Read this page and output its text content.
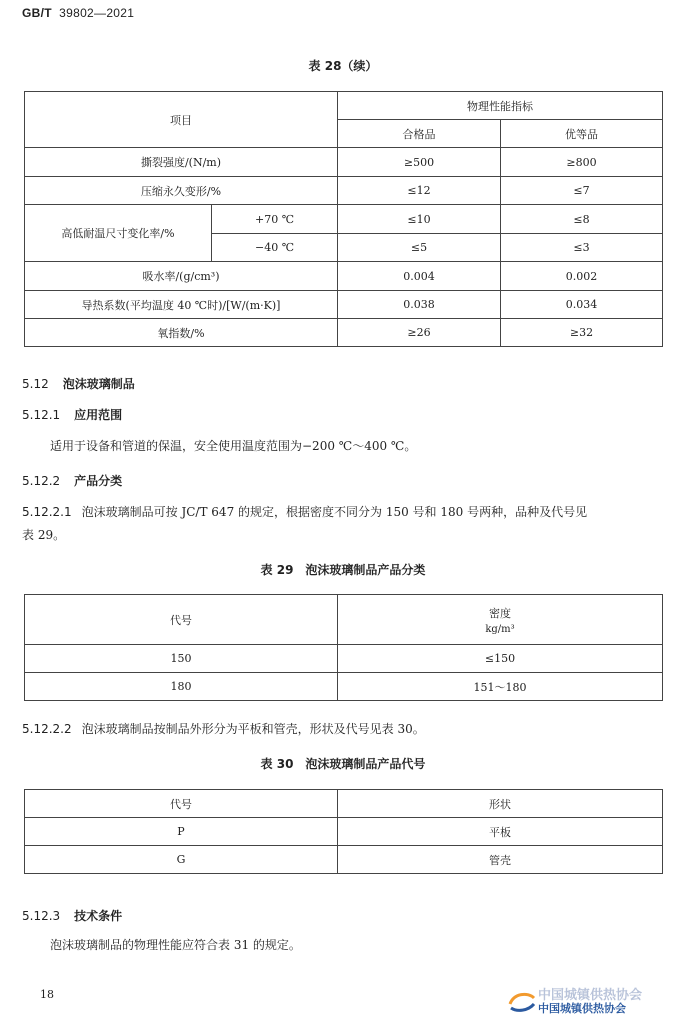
GB/T 39802—2021
表 28（续）
项目		物理性能指标	
		合格品	优等品
撕裂强度/(N/m)		≥500	≥800
压缩永久变形/%		≤12	≤7
高低耐温尺寸变化率/%	+70 ℃	≤10	≤8
	−40 ℃	≤5	≤3
吸水率/(g/cm³)		0.004	0.002
导热系数(平均温度 40 ℃时)/[W/(m·K)]		0.038	0.034
氧指数/%		≥26	≥32
5.12 泡沫玻璃制品
5.12.1 应用范围
适用于设备和管道的保温，安全使用温度范围为−200 ℃～400 ℃。
5.12.2 产品分类
5.12.2.1 泡沫玻璃制品可按 JC/T 647 的规定，根据密度不同分为 150 号和 180 号两种，品种及代号见
表 29。
表 29　泡沫玻璃制品产品分类
代号	密度
kg/m³

150	≤150
180	151～180
5.12.2.2 泡沫玻璃制品按制品外形分为平板和管壳，形状及代号见表 30。
表 30　泡沫玻璃制品产品代号
代号	形状
P	平板
G	管壳
5.12.3 技术条件
泡沫玻璃制品的物理性能应符合表 31 的规定。
18	中国城镇供热协会
中国城镇供热协会
